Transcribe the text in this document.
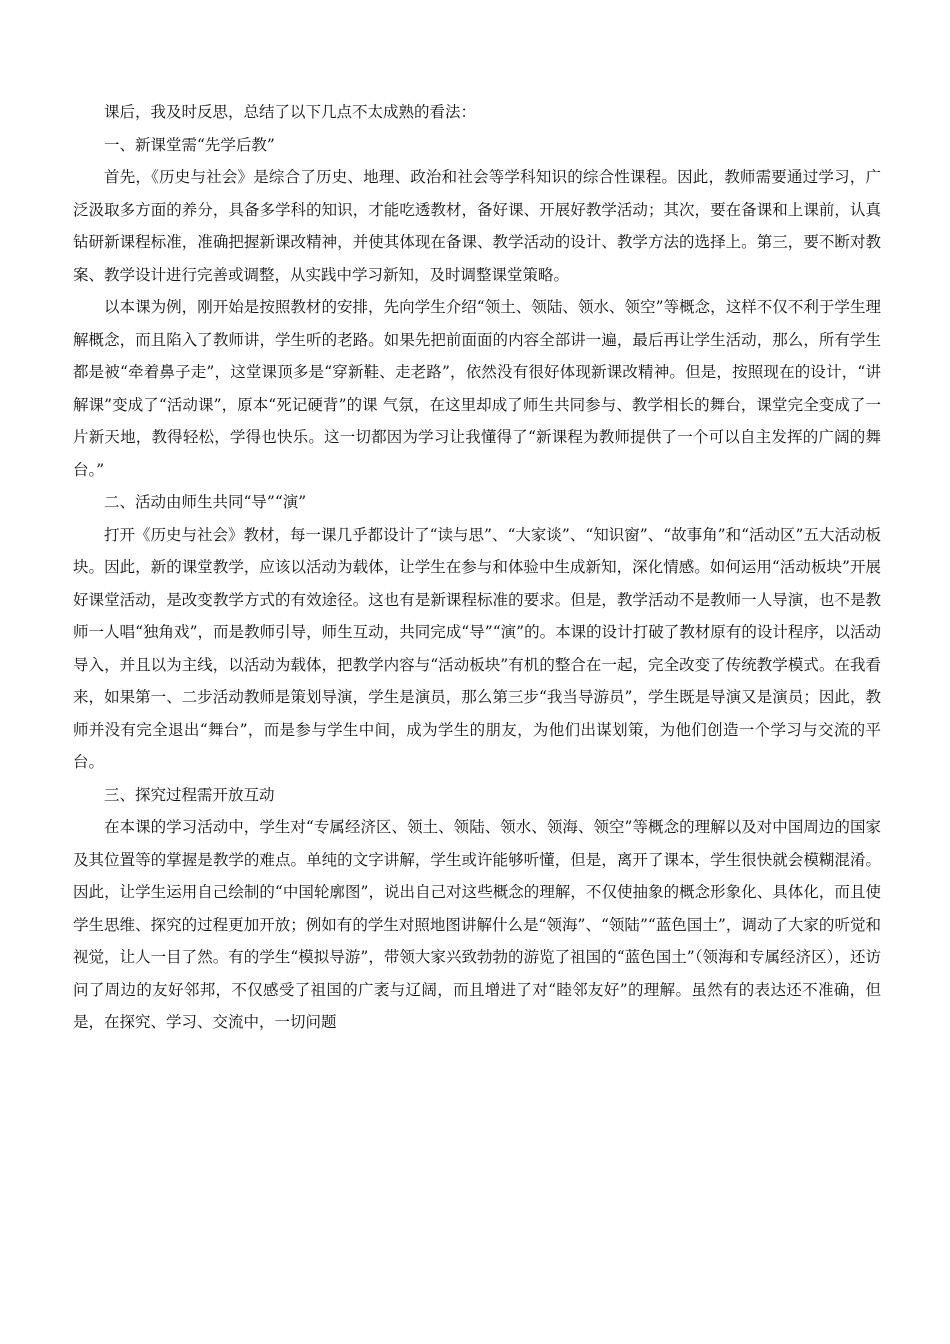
课后，我及时反思，总结了以下几点不太成熟的看法：

一、新课堂需“先学后教”

首先，《历史与社会》是综合了历史、地理、政治和社会等学科知识的综合性课程。因此，教师需要通过学习，广泛汲取多方面的养分，具备多学科的知识，才能吃透教材，备好课、开展好教学活动；其次，要在备课和上课前，认真钻研新课程标准，准确把握新课改精神，并使其体现在备课、教学活动的设计、教学方法的选择上。第三，要不断对教案、教学设计进行完善或调整，从实践中学习新知，及时调整课堂策略。

以本课为例，刚开始是按照教材的安排，先向学生介绍“领土、领陆、领水、领空”等概念，这样不仅不利于学生理解概念，而且陷入了教师讲，学生听的老路。如果先把前面面的内容全部讲一遍，最后再让学生活动，那么，所有学生都是被“牵着鼻子走”，这堂课顶多是“穿新鞋、走老路”，依然没有很好体现新课改精神。但是，按照现在的设计，“讲解课”变成了“活动课”，原本“死记硬背”的课 气氛，在这里却成了师生共同参与、教学相长的舞台，课堂完全变成了一片新天地，教得轻松，学得也快乐。这一切都因为学习让我懂得了“新课程为教师提供了一个可以自主发挥的广阔的舞台。”

二、活动由师生共同“导”“演”

打开《历史与社会》教材，每一课几乎都设计了“读与思”、“大家谈”、“知识窗”、“故事角”和“活动区”五大活动板块。因此，新的课堂教学，应该以活动为载体，让学生在参与和体验中生成新知，深化情感。如何运用“活动板块”开展好课堂活动，是改变教学方式的有效途径。这也有是新课程标准的要求。但是，教学活动不是教师一人导演，也不是教师一人唱“独角戏”，而是教师引导，师生互动，共同完成“导”“演”的。本课的设计打破了教材原有的设计程序，以活动导入，并且以为主线，以活动为载体，把教学内容与“活动板块”有机的整合在一起，完全改变了传统教学模式。在我看来，如果第一、二步活动教师是策划导演，学生是演员，那么第三步“我当导游员”，学生既是导演又是演员；因此，教师并没有完全退出“舞台”，而是参与学生中间，成为学生的朋友，为他们出谋划策，为他们创造一个学习与交流的平台。

三、探究过程需开放互动

在本课的学习活动中，学生对“专属经济区、领土、领陆、领水、领海、领空”等概念的理解以及对中国周边的国家及其位置等的掌握是教学的难点。单纯的文字讲解，学生或许能够听懂，但是，离开了课本，学生很快就会模糊混淆。因此，让学生运用自己绘制的“中国轮廓图”，说出自己对这些概念的理解，不仅使抽象的概念形象化、具体化，而且使学生思维、探究的过程更加开放；例如有的学生对照地图讲解什么是“领海”、“领陆”“蓝色国土”，调动了大家的听觉和视觉，让人一目了然。有的学生“模拟导游”，带领大家兴致勃勃的游览了祖国的“蓝色国土”（领海和专属经济区），还访问了周边的友好邻邦，不仅感受了祖国的广袤与辽阔，而且增进了对“睦邻友好”的理解。虽然有的表达还不准确，但是，在探究、学习、交流中，一切问题
